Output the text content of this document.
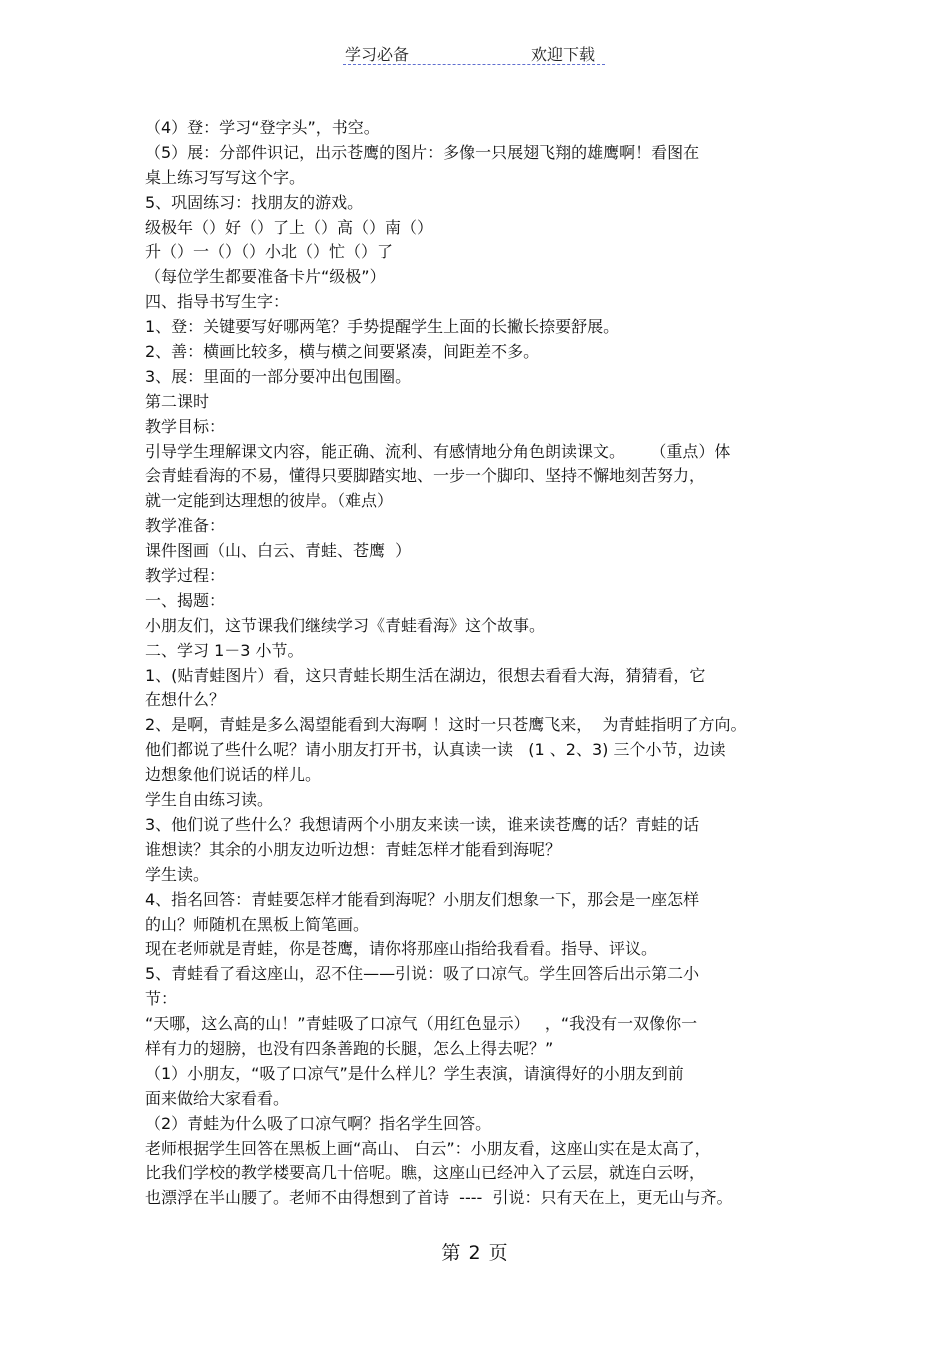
学习必备	欢迎下载
（4）登：学习“登字头”，书空。
（5）展：分部件识记，出示苍鹰的图片：多像一只展翅飞翔的雄鹰啊！看图在
桌上练习写写这个字。
5、巩固练习：找朋友的游戏。
级极年（）好（）了上（）高（）南（）
升（）一（）（）小北（）忙（）了
（每位学生都要准备卡片“级极”）
四、指导书写生字：
1、登：关键要写好哪两笔？手势提醒学生上面的长撇长捺要舒展。
2、善：横画比较多，横与横之间要紧凑，间距差不多。
3、展：里面的一部分要冲出包围圈。
第二课时
教学目标：
引导学生理解课文内容，能正确、流利、有感情地分角色朗读课文。     （重点）体
会青蛙看海的不易，懂得只要脚踏实地、一步一个脚印、坚持不懈地刻苦努力，
就一定能到达理想的彼岸。（难点）
教学准备：
课件图画（山、白云、青蛙、苍鹰  ）
教学过程：
一、揭题：
小朋友们，这节课我们继续学习《青蛙看海》这个故事。
二、学习 1－3 小节。
1、(贴青蛙图片）看，这只青蛙长期生活在湖边，很想去看看大海，猜猜看，它
在想什么？
2、是啊，青蛙是多么渴望能看到大海啊 ！这时一只苍鹰飞来，  为青蛙指明了方向。
他们都说了些什么呢？请小朋友打开书，认真读一读   (1 、2、3) 三个小节，边读
边想象他们说话的样儿。
学生自由练习读。
3、他们说了些什么？我想请两个小朋友来读一读，谁来读苍鹰的话？青蛙的话
谁想读？其余的小朋友边听边想：青蛙怎样才能看到海呢？
学生读。
4、指名回答：青蛙要怎样才能看到海呢？小朋友们想象一下，那会是一座怎样
的山？师随机在黑板上简笔画。
现在老师就是青蛙，你是苍鹰，请你将那座山指给我看看。指导、评议。
5、青蛙看了看这座山，忍不住——引说：吸了口凉气。学生回答后出示第二小
节：
“天哪，这么高的山！”青蛙吸了口凉气（用红色显示）   ，“我没有一双像你一
样有力的翅膀，也没有四条善跑的长腿，怎么上得去呢？”
（1）小朋友，“吸了口凉气”是什么样儿？学生表演，请演得好的小朋友到前
面来做给大家看看。
（2）青蛙为什么吸了口凉气啊？指名学生回答。
老师根据学生回答在黑板上画“高山、 白云”：小朋友看，这座山实在是太高了，
比我们学校的教学楼要高几十倍呢。瞧，这座山已经冲入了云层，就连白云呀，
也漂浮在半山腰了。老师不由得想到了首诗  ----  引说：只有天在上，更无山与齐。
第 2 页
